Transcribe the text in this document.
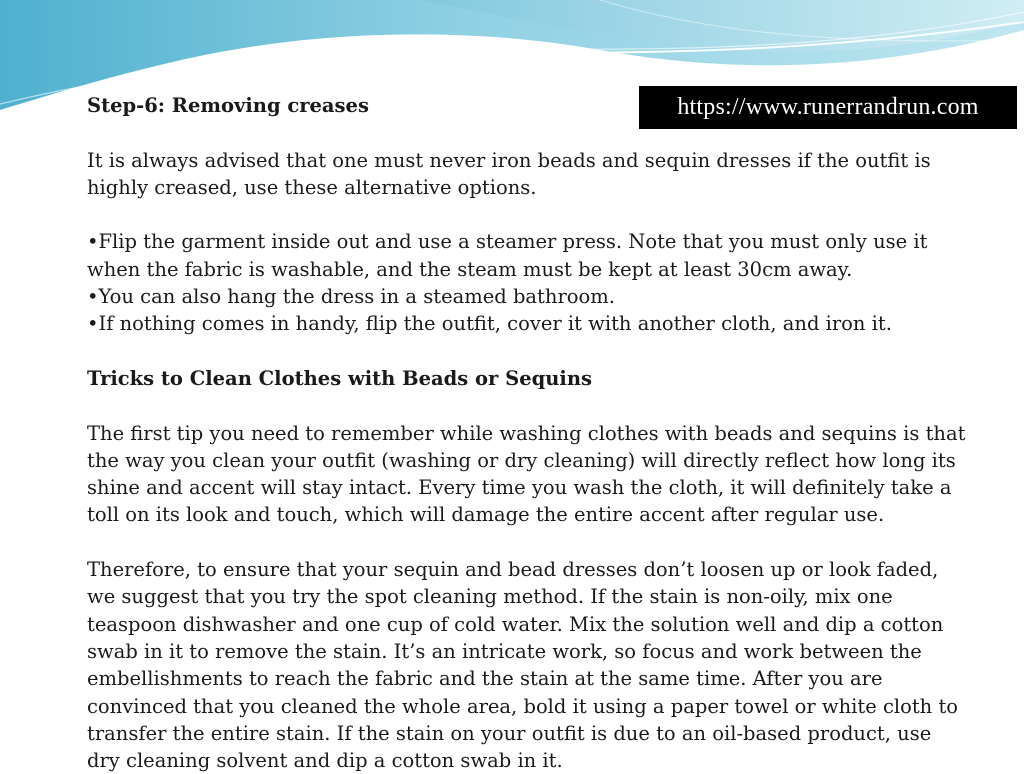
https://www.runerrandrun.com

Step-6: Removing creases

It is always advised that one must never iron beads and sequin dresses if the outfit is highly creased, use these alternative options.

•Flip the garment inside out and use a steamer press. Note that you must only use it when the fabric is washable, and the steam must be kept at least 30cm away.

•You can also hang the dress in a steamed bathroom.

•If nothing comes in handy, flip the outfit, cover it with another cloth, and iron it.

Tricks to Clean Clothes with Beads or Sequins

The first tip you need to remember while washing clothes with beads and sequins is that the way you clean your outfit (washing or dry cleaning) will directly reflect how long its shine and accent will stay intact. Every time you wash the cloth, it will definitely take a toll on its look and touch, which will damage the entire accent after regular use.

Therefore, to ensure that your sequin and bead dresses don’t loosen up or look faded, we suggest that you try the spot cleaning method. If the stain is non-oily, mix one teaspoon dishwasher and one cup of cold water. Mix the solution well and dip a cotton swab in it to remove the stain. It’s an intricate work, so focus and work between the embellishments to reach the fabric and the stain at the same time. After you are convinced that you cleaned the whole area, bold it using a paper towel or white cloth to transfer the entire stain. If the stain on your outfit is due to an oil-based product, use dry cleaning solvent and dip a cotton swab in it.
